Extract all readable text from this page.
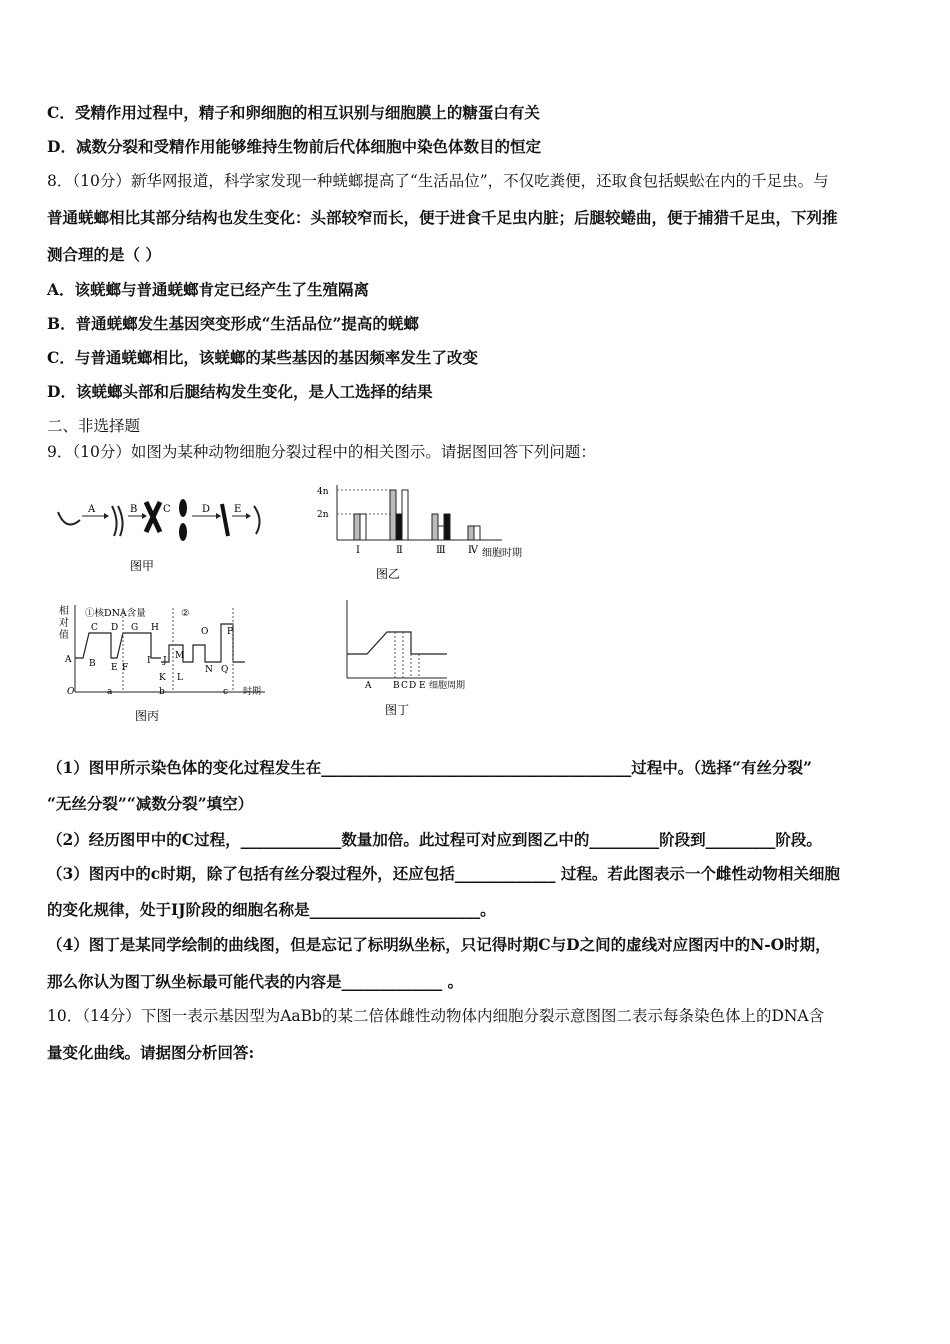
C．受精作用过程中，精子和卵细胞的相互识别与细胞膜上的糖蛋白有关
D．减数分裂和受精作用能够维持生物前后代体细胞中染色体数目的恒定
8．（10分）新华网报道，科学家发现一种蜣螂提高了“生活品位”，不仅吃粪便，还取食包括蜈蚣在内的千足虫。与
普通蜣螂相比其部分结构也发生变化：头部较窄而长，便于进食千足虫内脏；后腿较蜷曲，便于捕猎千足虫，下列推
测合理的是（ ）
A．该蜣螂与普通蜣螂肯定已经产生了生殖隔离
B．普通蜣螂发生基因突变形成“生活品位”提高的蜣螂
C．与普通蜣螂相比，该蜣螂的某些基因的基因频率发生了改变
D．该蜣螂头部和后腿结构发生变化，是人工选择的结果
二、非选择题
9．（10分）如图为某种动物细胞分裂过程中的相关图示。请据图回答下列问题：
A	B	C	D E
图甲
4n
2n
Ⅰ	Ⅱ	Ⅲ Ⅳ 细胞时期
图乙
相
对
值
①核DNA含量	②
A B
C D
E F
G H
I J
K L
M
N
O P
Q
O	a	b	c 时期
图丙
A B C D E 细胞周期
图丁
（1）图甲所示染色体的变化过程发生在________________________________________过程中。（选择“有丝分裂”
“无丝分裂”“减数分裂”填空）
（2）经历图甲中的C过程，_____________数量加倍。此过程可对应到图乙中的_________阶段到_________阶段。
（3）图丙中的c时期，除了包括有丝分裂过程外，还应包括_____________ 过程。若此图表示一个雌性动物相关细胞
的变化规律，处于IJ阶段的细胞名称是______________________。
（4）图丁是某同学绘制的曲线图，但是忘记了标明纵坐标，只记得时期C与D之间的虚线对应图丙中的N-O时期，
那么你认为图丁纵坐标最可能代表的内容是_____________ 。
10．（14分）下图一表示基因型为AaBb的某二倍体雌性动物体内细胞分裂示意图图二表示每条染色体上的DNA含
量变化曲线。请据图分析回答:
